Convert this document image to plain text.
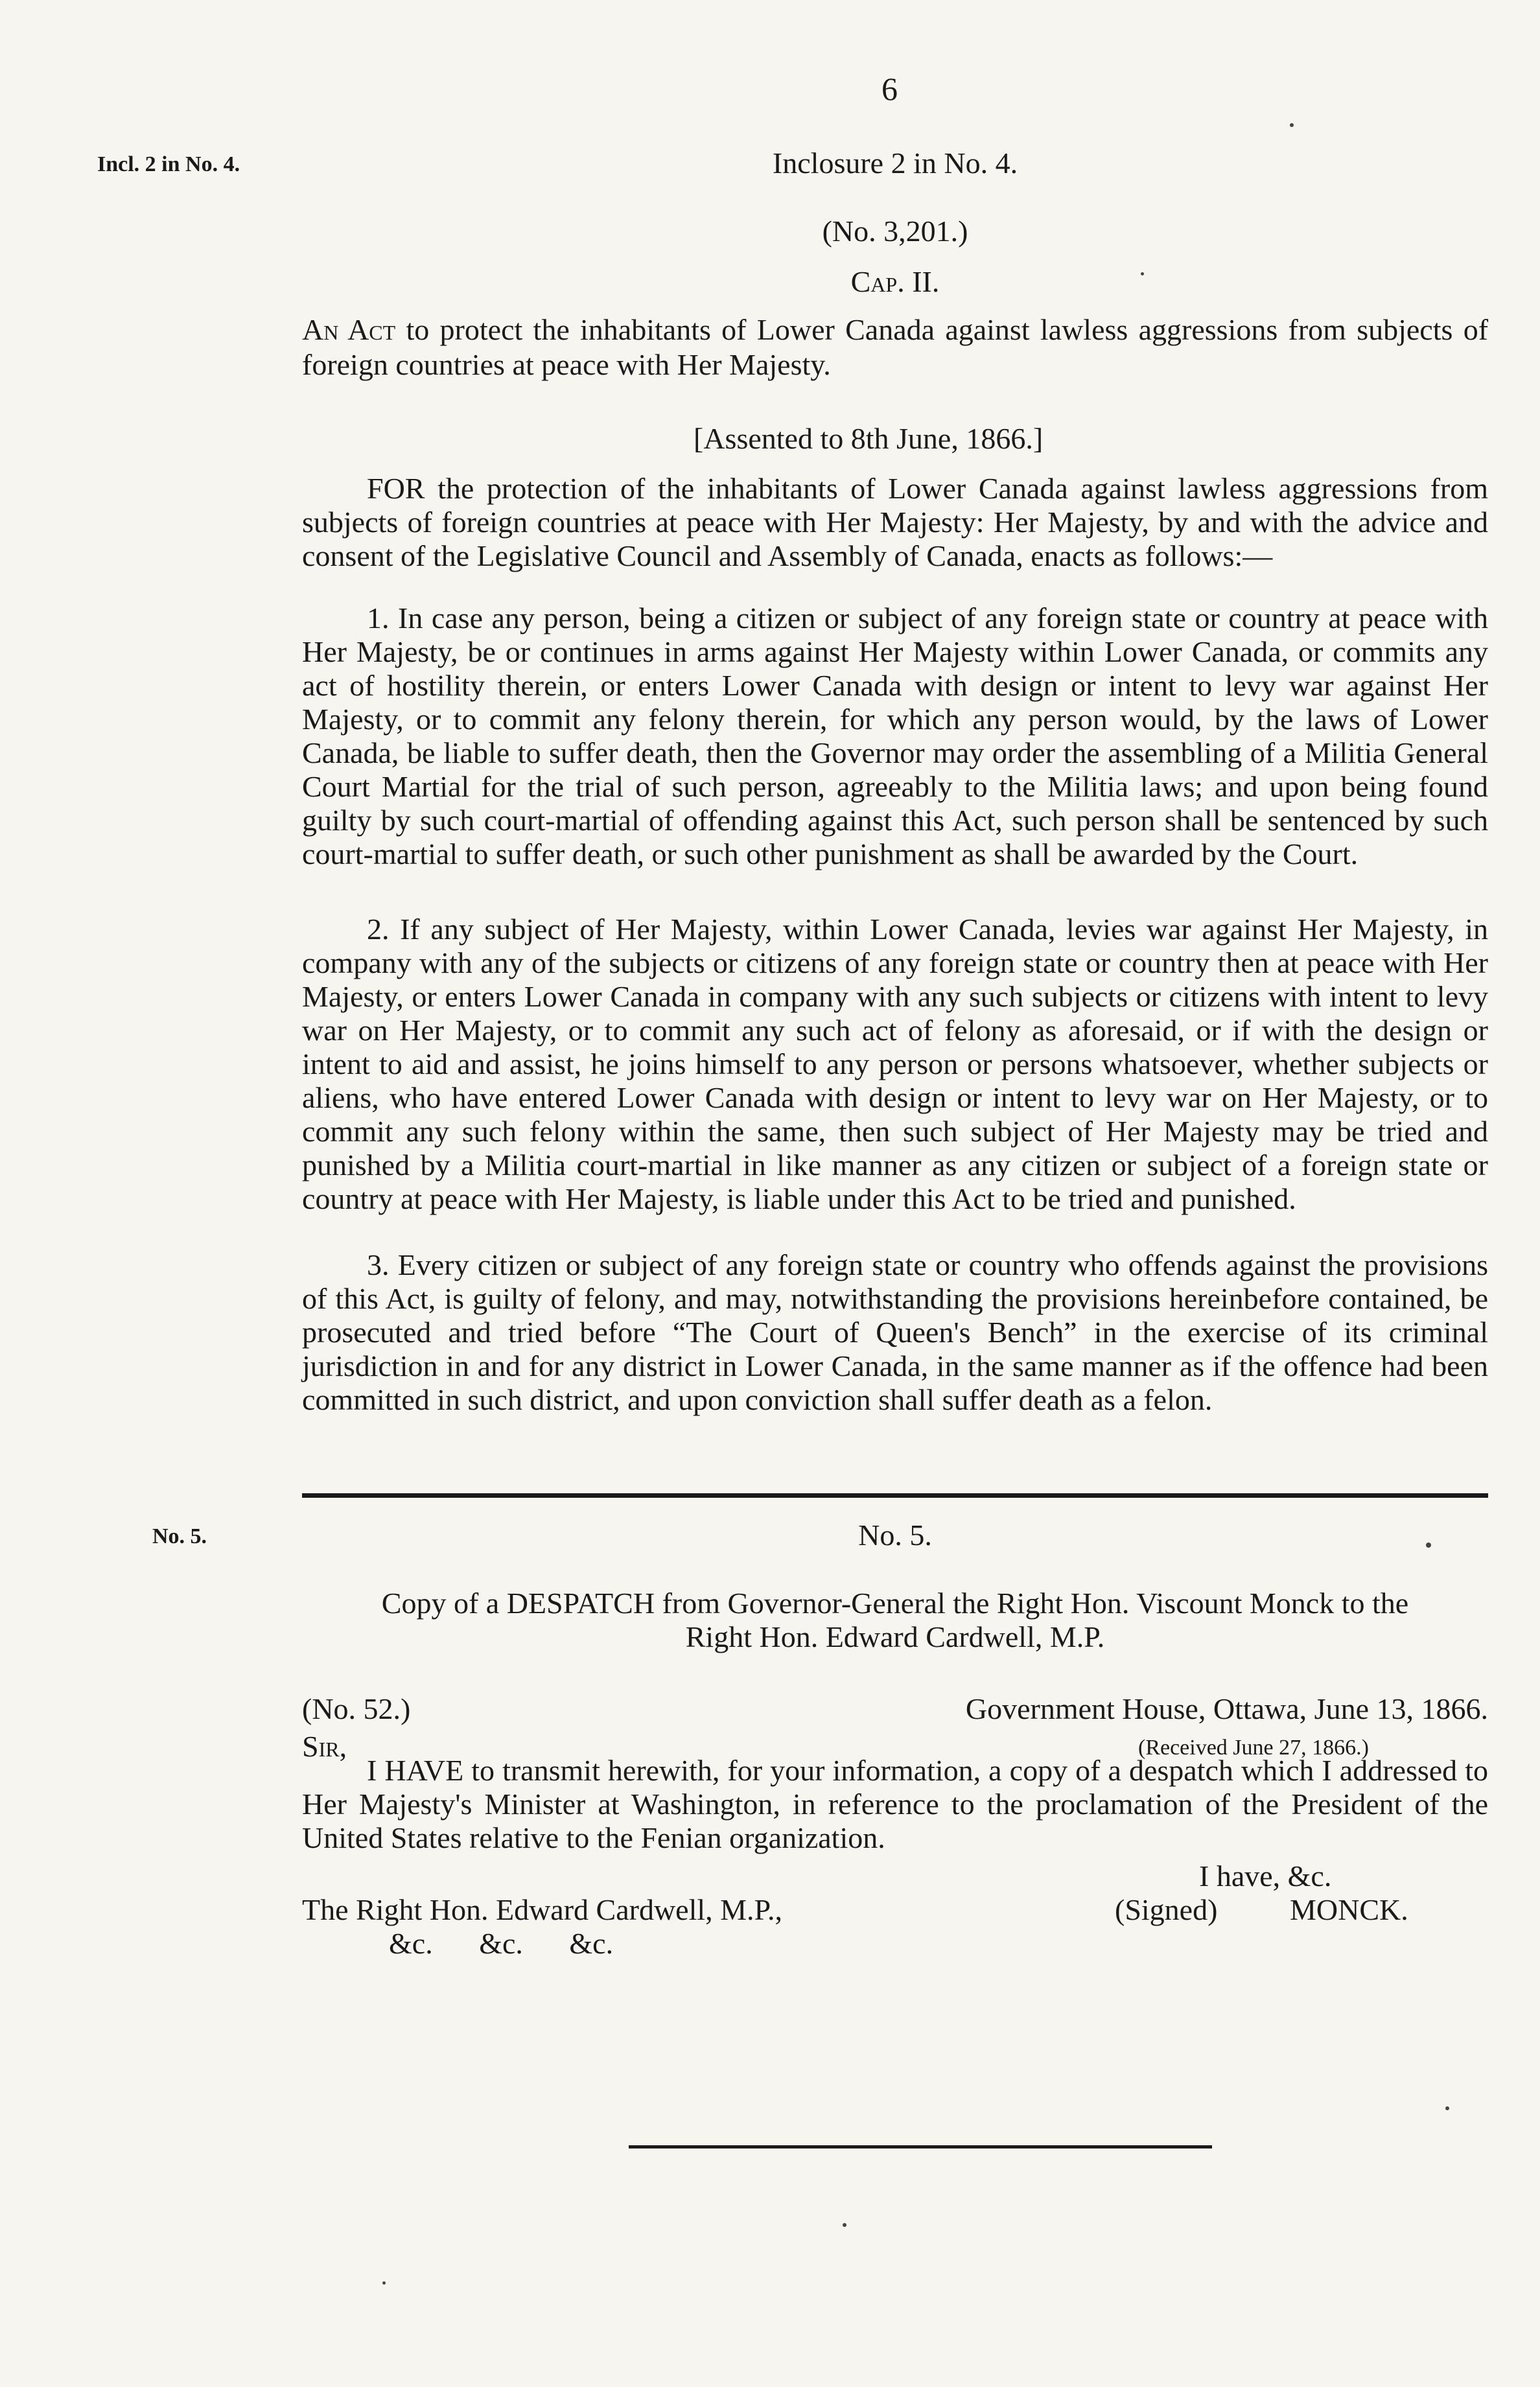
6
Incl. 2 in No. 4.	Inclosure 2 in No. 4.
(No. 3,201.)
Cap. II.
An Act to protect the inhabitants of Lower Canada against lawless aggressions from subjects of foreign countries at peace with Her Majesty.
[Assented to 8th June, 1866.]

FOR the protection of the inhabitants of Lower Canada against lawless aggressions from subjects of foreign countries at peace with Her Majesty: Her Majesty, by and with the advice and consent of the Legislative Council and Assembly of Canada, enacts as follows:—

1. In case any person, being a citizen or subject of any foreign state or country at peace with Her Majesty, be or continues in arms against Her Majesty within Lower Canada, or commits any act of hostility therein, or enters Lower Canada with design or intent to levy war against Her Majesty, or to commit any felony therein, for which any person would, by the laws of Lower Canada, be liable to suffer death, then the Governor may order the assembling of a Militia General Court Martial for the trial of such person, agreeably to the Militia laws; and upon being found guilty by such court-martial of offending against this Act, such person shall be sentenced by such court-martial to suffer death, or such other punishment as shall be awarded by the Court.

2. If any subject of Her Majesty, within Lower Canada, levies war against Her Majesty, in company with any of the subjects or citizens of any foreign state or country then at peace with Her Majesty, or enters Lower Canada in company with any such subjects or citizens with intent to levy war on Her Majesty, or to commit any such act of felony as aforesaid, or if with the design or intent to aid and assist, he joins himself to any person or persons whatsoever, whether subjects or aliens, who have entered Lower Canada with design or intent to levy war on Her Majesty, or to commit any such felony within the same, then such subject of Her Majesty may be tried and punished by a Militia court-martial in like manner as any citizen or subject of a foreign state or country at peace with Her Majesty, is liable under this Act to be tried and punished.

3. Every citizen or subject of any foreign state or country who offends against the provisions of this Act, is guilty of felony, and may, notwithstanding the provisions hereinbefore contained, be prosecuted and tried before “The Court of Queen's Bench” in the exercise of its criminal jurisdiction in and for any district in Lower Canada, in the same manner as if the offence had been committed in such district, and upon conviction shall suffer death as a felon.

No. 5.	No. 5.
Copy of a DESPATCH from Governor-General the Right Hon. Viscount Monck to the
Right Hon. Edward Cardwell, M.P.
(No. 52.)	Government House, Ottawa, June 13, 1866.
Sir,	(Received June 27, 1866.)

I HAVE to transmit herewith, for your information, a copy of a despatch which I addressed to Her Majesty's Minister at Washington, in reference to the proclamation of the President of the United States relative to the Fenian organization.

I have, &c.
The Right Hon. Edward Cardwell, M.P.,	(Signed) MONCK.
&c. &c. &c.
